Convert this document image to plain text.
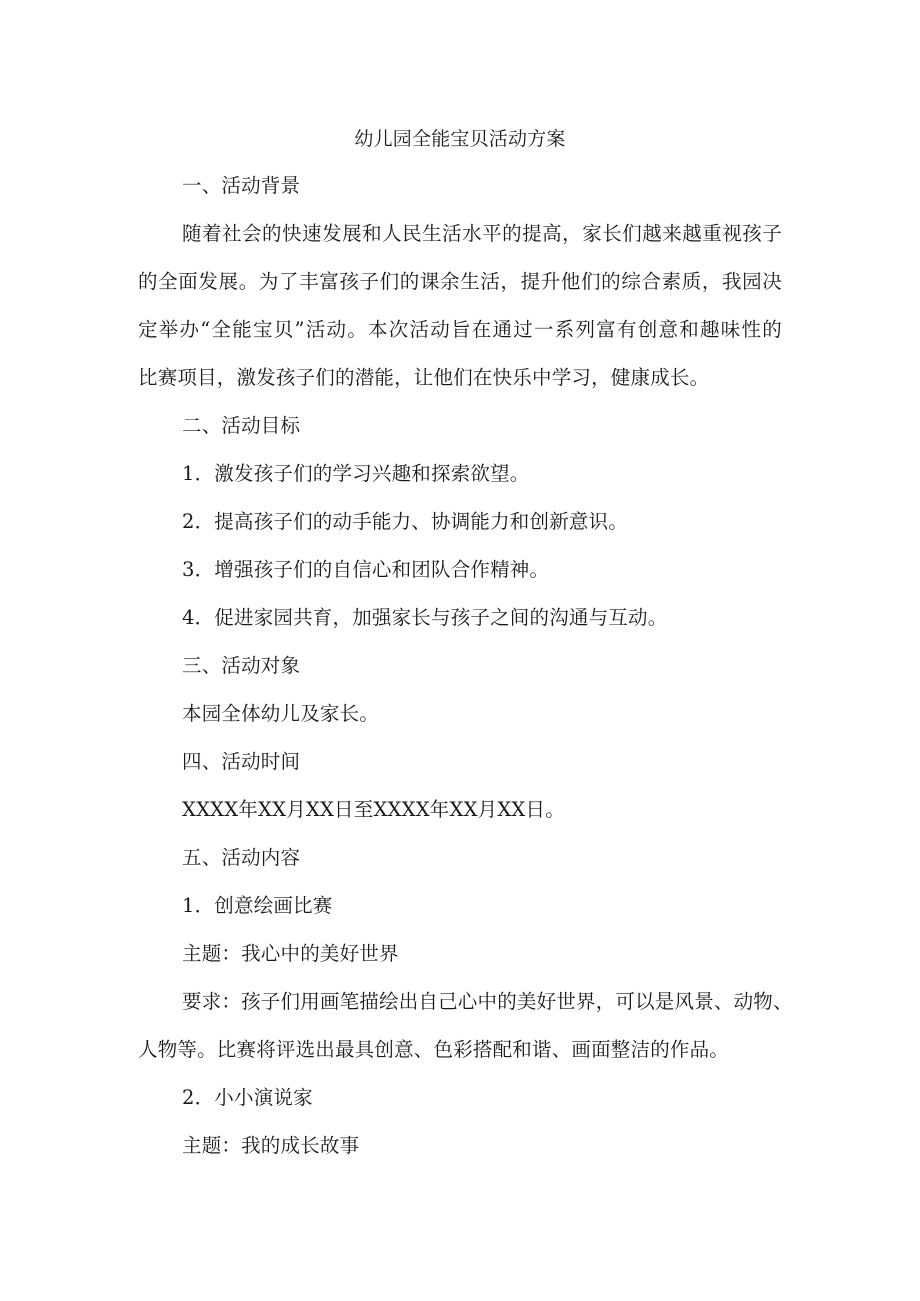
幼儿园全能宝贝活动方案
一、活动背景
随着社会的快速发展和人民生活水平的提高，家长们越来越重视孩子
的全面发展。为了丰富孩子们的课余生活，提升他们的综合素质，我园决
定举办“全能宝贝”活动。本次活动旨在通过一系列富有创意和趣味性的
比赛项目，激发孩子们的潜能，让他们在快乐中学习，健康成长。
二、活动目标
1．激发孩子们的学习兴趣和探索欲望。
2．提高孩子们的动手能力、协调能力和创新意识。
3．增强孩子们的自信心和团队合作精神。
4．促进家园共育，加强家长与孩子之间的沟通与互动。
三、活动对象
本园全体幼儿及家长。
四、活动时间
XXXX年XX月XX日至XXXX年XX月XX日。
五、活动内容
1．创意绘画比赛
主题：我心中的美好世界
要求：孩子们用画笔描绘出自己心中的美好世界，可以是风景、动物、
人物等。比赛将评选出最具创意、色彩搭配和谐、画面整洁的作品。
2．小小演说家
主题：我的成长故事
